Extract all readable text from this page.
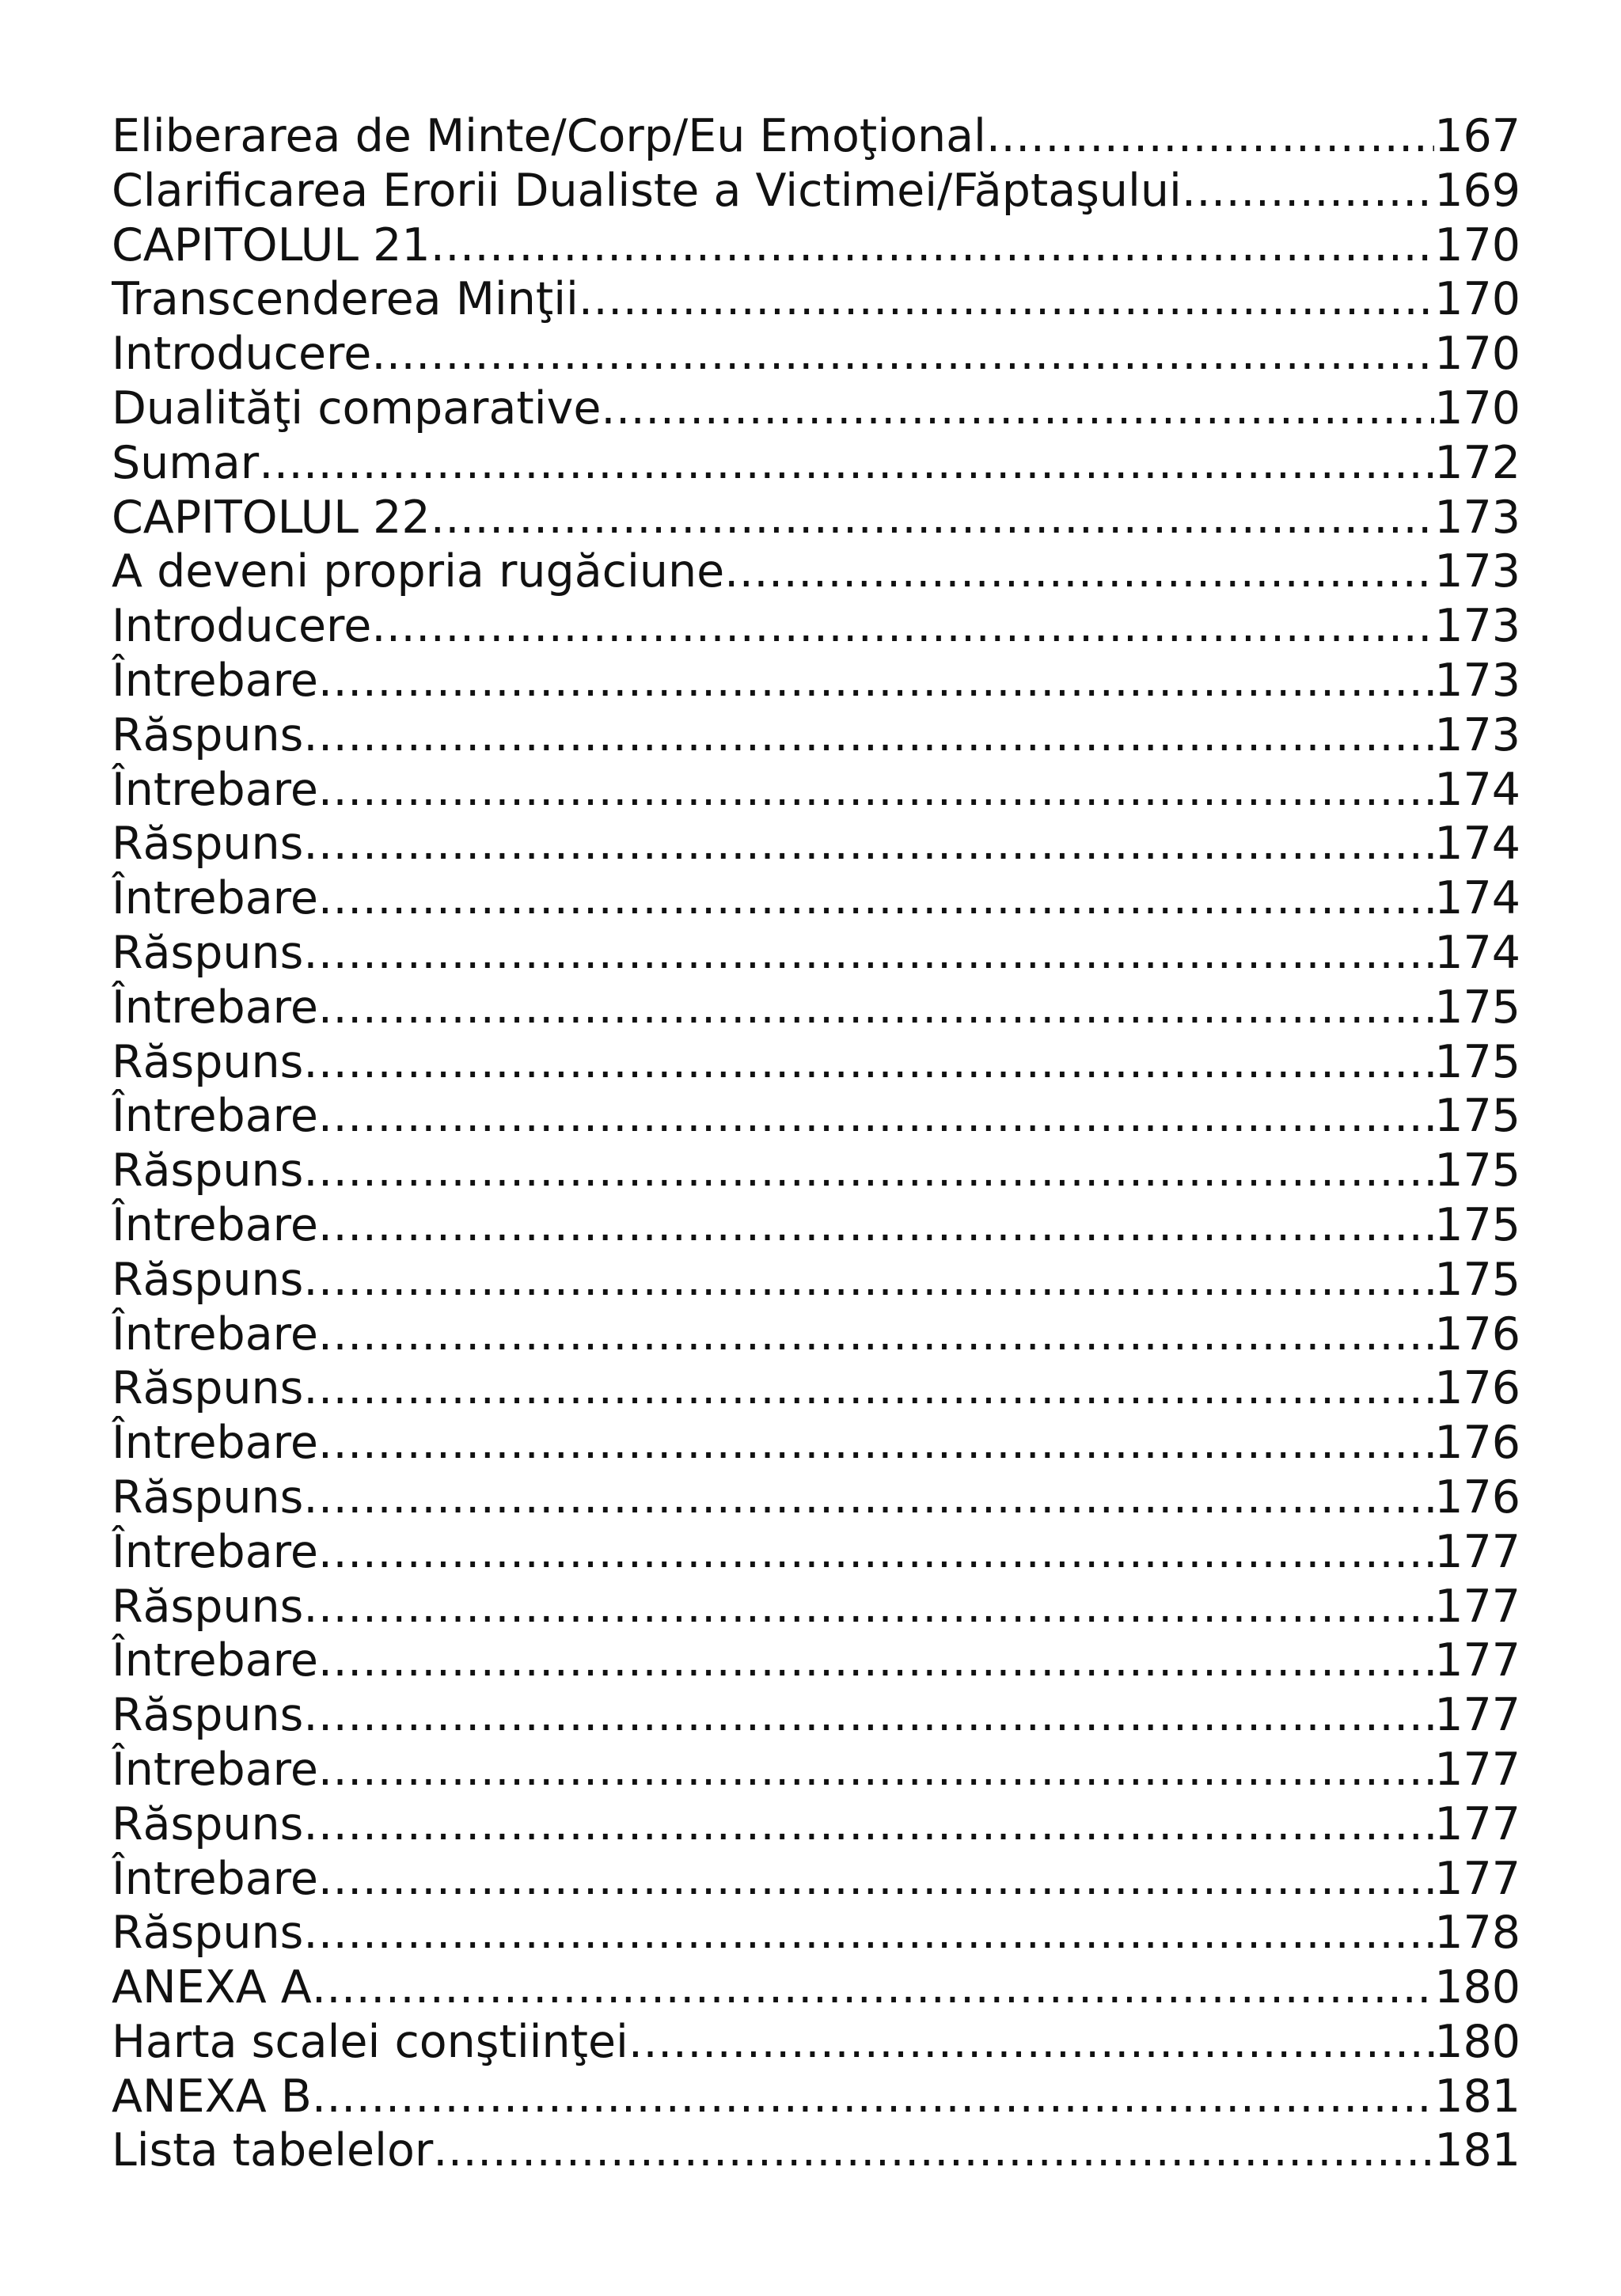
Eliberarea de Minte/Corp/Eu Emoţional .....	167
Clarificarea Erorii Dualiste a Victimei/Făptaşului .....	169
CAPITOLUL 21 .....	170
Transcenderea Minţii .....	170
Introducere .....	170
Dualităţi comparative .....	170
Sumar .....	172
CAPITOLUL 22 .....	173
A deveni propria rugăciune .....	173
Introducere .....	173
Întrebare .....	173
Răspuns .....	173
Întrebare .....	174
Răspuns .....	174
Întrebare .....	174
Răspuns .....	174
Întrebare .....	175
Răspuns .....	175
Întrebare .....	175
Răspuns .....	175
Întrebare .....	175
Răspuns .....	175
Întrebare .....	176
Răspuns .....	176
Întrebare .....	176
Răspuns .....	176
Întrebare .....	177
Răspuns .....	177
Întrebare .....	177
Răspuns .....	177
Întrebare .....	177
Răspuns .....	177
Întrebare .....	177
Răspuns .....	178
ANEXA A .....	180
Harta scalei conştiinţei .....	180
ANEXA B .....	181
Lista tabelelor .....	181
